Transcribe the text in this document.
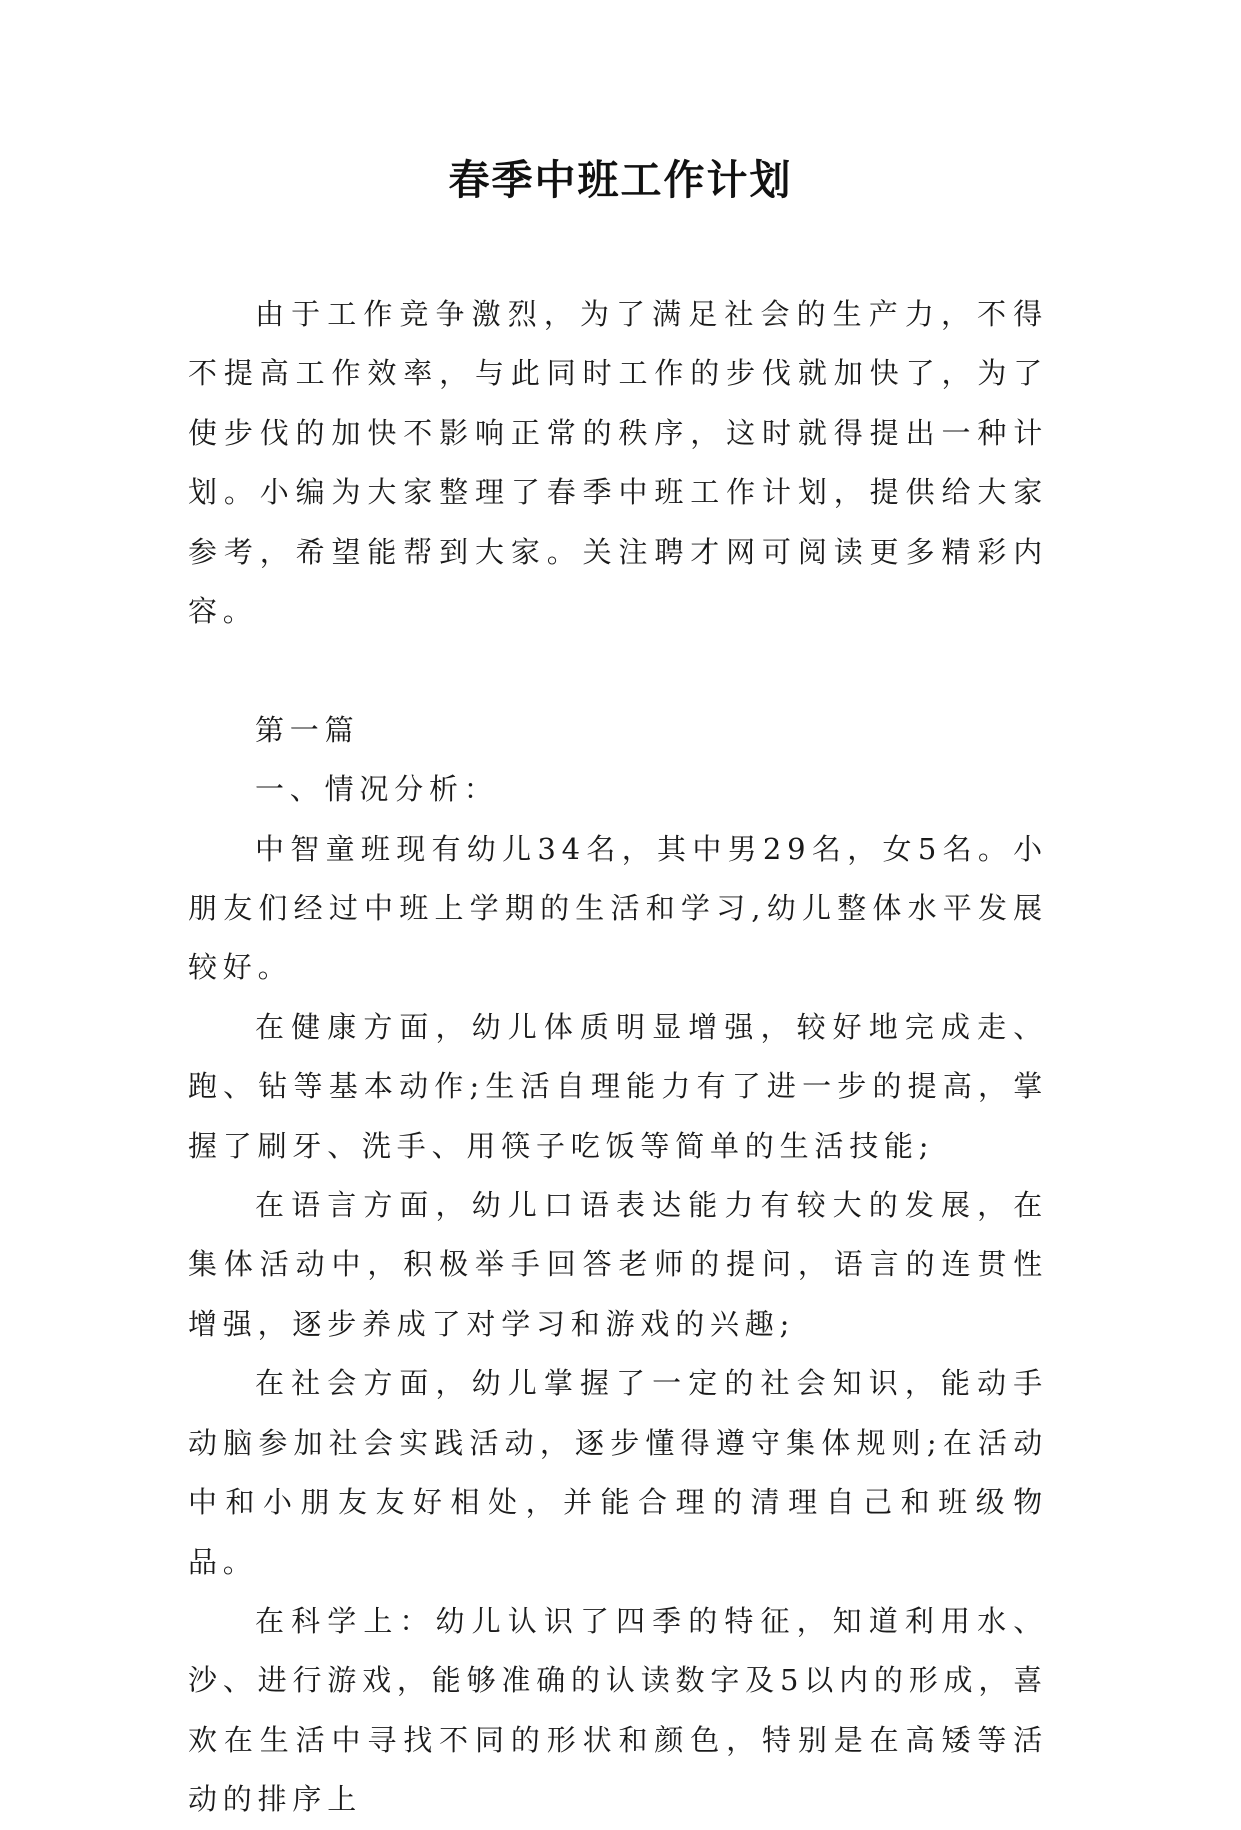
春季中班工作计划

由于工作竞争激烈，为了满足社会的生产力，不得不提高工作效率，与此同时工作的步伐就加快了，为了使步伐的加快不影响正常的秩序，这时就得提出一种计划。小编为大家整理了春季中班工作计划，提供给大家参考，希望能帮到大家。关注聘才网可阅读更多精彩内容。

第一篇

一、情况分析：

中智童班现有幼儿34名，其中男29名，女5名。小朋友们经过中班上学期的生活和学习,幼儿整体水平发展较好。

在健康方面，幼儿体质明显增强，较好地完成走、跑、钻等基本动作;生活自理能力有了进一步的提高，掌握了刷牙、洗手、用筷子吃饭等简单的生活技能;

在语言方面，幼儿口语表达能力有较大的发展，在集体活动中，积极举手回答老师的提问，语言的连贯性增强，逐步养成了对学习和游戏的兴趣;

在社会方面，幼儿掌握了一定的社会知识，能动手动脑参加社会实践活动，逐步懂得遵守集体规则;在活动中和小朋友友好相处，并能合理的清理自己和班级物品。

在科学上：幼儿认识了四季的特征，知道利用水、沙、进行游戏，能够准确的认读数字及5以内的形成，喜欢在生活中寻找不同的形状和颜色，特别是在高矮等活动的排序上
